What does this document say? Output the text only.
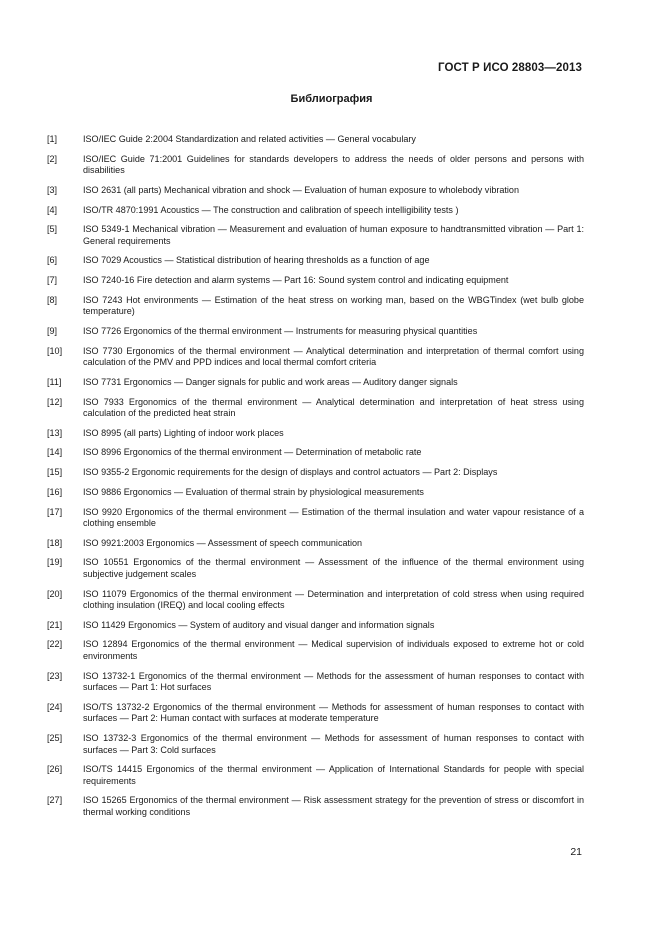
ГОСТ Р ИСО 28803—2013
Библиография
[1]	ISO/IEC Guide 2:2004 Standardization and related activities — General vocabulary
[2]	ISO/IEC Guide 71:2001 Guidelines for standards developers to address the needs of older persons and persons with disabilities
[3]	ISO 2631 (all parts) Mechanical vibration and shock — Evaluation of human exposure to wholebody vibration
[4]	ISO/TR 4870:1991 Acoustics — The construction and calibration of speech intelligibility tests )
[5]	ISO 5349-1 Mechanical vibration — Measurement and evaluation of human exposure to handtransmitted vibration — Part 1: General requirements
[6]	ISO 7029 Acoustics — Statistical distribution of hearing thresholds as a function of age
[7]	ISO 7240-16 Fire detection and alarm systems — Part 16: Sound system control and indicating equipment
[8]	ISO 7243 Hot environments — Estimation of the heat stress on working man, based on the WBGTindex (wet bulb globe temperature)
[9]	ISO 7726 Ergonomics of the thermal environment — Instruments for measuring physical quantities
[10]	ISO 7730 Ergonomics of the thermal environment — Analytical determination and interpretation of thermal comfort using calculation of the PMV and PPD indices and local thermal comfort criteria
[11]	ISO 7731 Ergonomics — Danger signals for public and work areas — Auditory danger signals
[12]	ISO 7933 Ergonomics of the thermal environment — Analytical determination and interpretation of heat stress using calculation of the predicted heat strain
[13]	ISO 8995 (all parts) Lighting of indoor work places
[14]	ISO 8996 Ergonomics of the thermal environment — Determination of metabolic rate
[15]	ISO 9355-2 Ergonomic requirements for the design of displays and control actuators — Part 2: Displays
[16]	ISO 9886 Ergonomics — Evaluation of thermal strain by physiological measurements
[17]	ISO 9920 Ergonomics of the thermal environment — Estimation of the thermal insulation and water vapour resistance of a clothing ensemble
[18]	ISO 9921:2003 Ergonomics — Assessment of speech communication
[19]	ISO 10551 Ergonomics of the thermal environment — Assessment of the influence of the thermal environment using subjective judgement scales
[20]	ISO 11079 Ergonomics of the thermal environment — Determination and interpretation of cold stress when using required clothing insulation (IREQ) and local cooling effects
[21]	ISO 11429 Ergonomics — System of auditory and visual danger and information signals
[22]	ISO 12894 Ergonomics of the thermal environment — Medical supervision of individuals exposed to extreme hot or cold environments
[23]	ISO 13732-1 Ergonomics of the thermal environment — Methods for the assessment of human responses to contact with surfaces — Part 1: Hot surfaces
[24]	ISO/TS 13732-2 Ergonomics of the thermal environment — Methods for assessment of human responses to contact with surfaces — Part 2: Human contact with surfaces at moderate temperature
[25]	ISO 13732-3 Ergonomics of the thermal environment — Methods for assessment of human responses to contact with surfaces — Part 3: Cold surfaces
[26]	ISO/TS 14415 Ergonomics of the thermal environment — Application of International Standards for people with special requirements
[27]	ISO 15265 Ergonomics of the thermal environment — Risk assessment strategy for the prevention of stress or discomfort in thermal working conditions
21
